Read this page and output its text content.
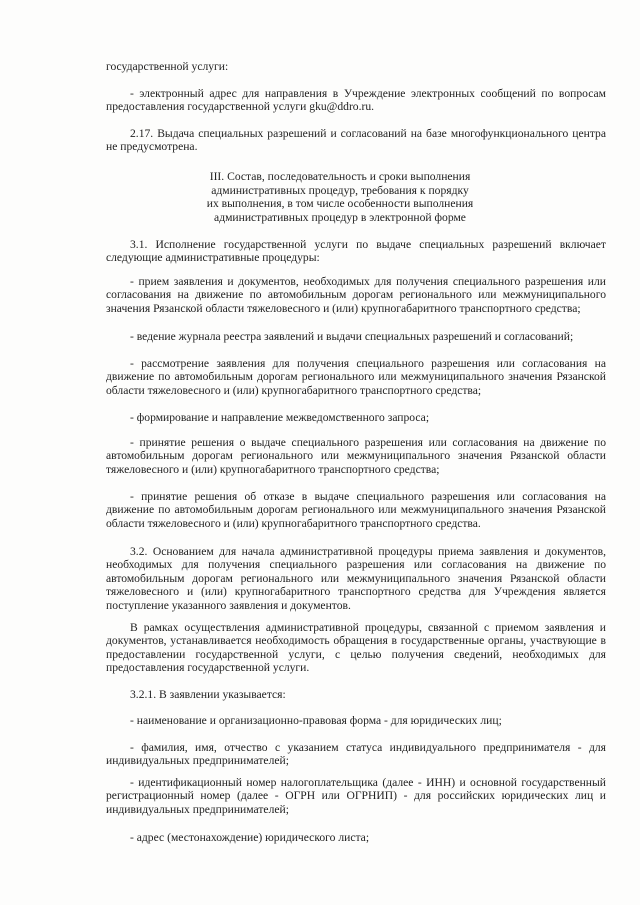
государственной услуги:

- электронный адрес для направления в Учреждение электронных сообщений по вопросам предоставления государственной услуги gku@ddro.ru.

2.17. Выдача специальных разрешений и согласований на базе многофункционального центра не предусмотрена.

III. Состав, последовательность и сроки выполнения
административных процедур, требования к порядку
их выполнения, в том числе особенности выполнения
административных процедур в электронной форме

3.1. Исполнение государственной услуги по выдаче специальных разрешений включает следующие административные процедуры:

- прием заявления и документов, необходимых для получения специального разрешения или согласования на движение по автомобильным дорогам регионального или межмуниципального значения Рязанской области тяжеловесного и (или) крупногабаритного транспортного средства;

- ведение журнала реестра заявлений и выдачи специальных разрешений и согласований;

- рассмотрение заявления для получения специального разрешения или согласования на движение по автомобильным дорогам регионального или межмуниципального значения Рязанской области тяжеловесного и (или) крупногабаритного транспортного средства;

- формирование и направление межведомственного запроса;

- принятие решения о выдаче специального разрешения или согласования на движение по автомобильным дорогам регионального или межмуниципального значения Рязанской области тяжеловесного и (или) крупногабаритного транспортного средства;

- принятие решения об отказе в выдаче специального разрешения или согласования на движение по автомобильным дорогам регионального или межмуниципального значения Рязанской области тяжеловесного и (или) крупногабаритного транспортного средства.

3.2. Основанием для начала административной процедуры приема заявления и документов, необходимых для получения специального разрешения или согласования на движение по автомобильным дорогам регионального или межмуниципального значения Рязанской области тяжеловесного и (или) крупногабаритного транспортного средства для Учреждения является поступление указанного заявления и документов.

В рамках осуществления административной процедуры, связанной с приемом заявления и документов, устанавливается необходимость обращения в государственные органы, участвующие в предоставлении государственной услуги, с целью получения сведений, необходимых для предоставления государственной услуги.

3.2.1. В заявлении указывается:

- наименование и организационно-правовая форма - для юридических лиц;

- фамилия, имя, отчество с указанием статуса индивидуального предпринимателя - для индивидуальных предпринимателей;

- идентификационный номер налогоплательщика (далее - ИНН) и основной государственный регистрационный номер (далее - ОГРН или ОГРНИП) - для российских юридических лиц и индивидуальных предпринимателей;

- адрес (местонахождение) юридического листа;
